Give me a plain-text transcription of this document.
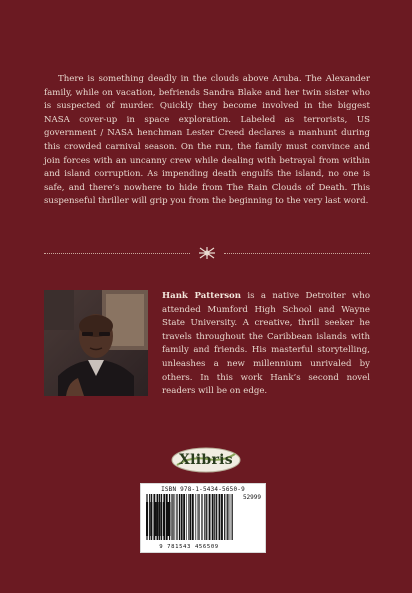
There is something deadly in the clouds above Aruba. The Alexander family, while on vacation, befriends Sandra Blake and her twin sister who is suspected of murder. Quickly they become involved in the biggest NASA cover-up in space exploration. Labeled as terrorists, US government / NASA henchman Lester Creed declares a manhunt during this crowded carnival season. On the run, the family must convince and join forces with an uncanny crew while dealing with betrayal from within and island corruption. As impending death engulfs the island, no one is safe, and there’s nowhere to hide from The Rain Clouds of Death. This suspenseful thriller will grip you from the beginning to the very last word.

Hank Patterson is a native Detroiter who attended Mumford High School and Wayne State University. A creative, thrill seeker he travels throughout the Caribbean islands with family and friends. His masterful storytelling, unleashes a new millennium unrivaled by others. In this work Hank’s second novel readers will be on edge.

Xlibris
ISBN 978-1-5434-5650-9
52999
9 781543 456509
